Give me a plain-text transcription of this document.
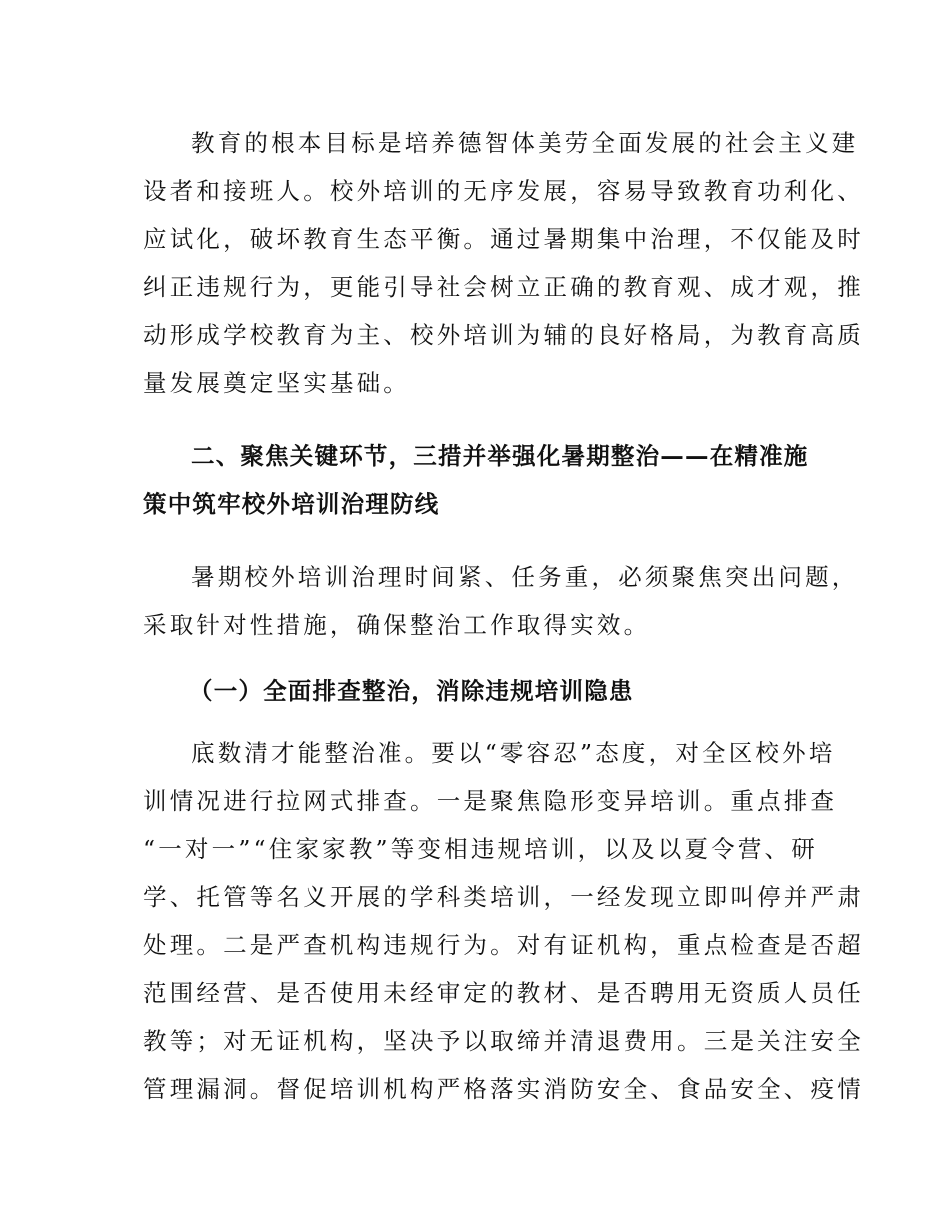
教育的根本目标是培养德智体美劳全面发展的社会主义建
设者和接班人。校外培训的无序发展，容易导致教育功利化、
应试化，破坏教育生态平衡。通过暑期集中治理，不仅能及时
纠正违规行为，更能引导社会树立正确的教育观、成才观，推
动形成学校教育为主、校外培训为辅的良好格局，为教育高质
量发展奠定坚实基础。
二、聚焦关键环节，三措并举强化暑期整治——在精准施
策中筑牢校外培训治理防线
暑期校外培训治理时间紧、任务重，必须聚焦突出问题，
采取针对性措施，确保整治工作取得实效。
（一）全面排查整治，消除违规培训隐患
底数清才能整治准。要以“零容忍”态度，对全区校外培
训情况进行拉网式排查。一是聚焦隐形变异培训。重点排查
“一对一”“住家家教”等变相违规培训，以及以夏令营、研
学、托管等名义开展的学科类培训，一经发现立即叫停并严肃
处理。二是严查机构违规行为。对有证机构，重点检查是否超
范围经营、是否使用未经审定的教材、是否聘用无资质人员任
教等；对无证机构，坚决予以取缔并清退费用。三是关注安全
管理漏洞。督促培训机构严格落实消防安全、食品安全、疫情
